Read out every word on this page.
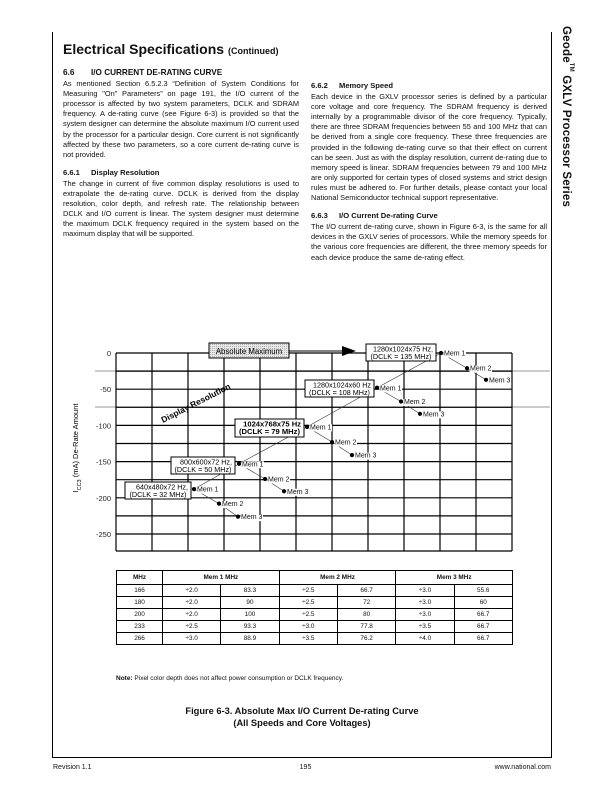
Electrical Specifications (Continued)	Geode™ GXLV Processor Series
6.6 I/O CURRENT DE-RATING CURVE

As mentioned Section 6.5.2.3 “Definition of System Conditions for Measuring "On" Parameters” on page 191, the I/O current of the processor is affected by two system parameters, DCLK and SDRAM frequency. A de-rating curve (see Figure 6-3) is provided so that the system designer can determine the absolute maximum I/O current used by the processor for a particular design. Core current is not significantly affected by these two parameters, so a core current de-rating curve is not provided.

6.6.1 Display Resolution

The change in current of five common display resolutions is used to extrapolate the de-rating curve. DCLK is derived from the display resolution, color depth, and refresh rate. The relationship between DCLK and I/O current is linear. The system designer must determine the maximum DCLK frequency required in the system based on the maximum display that will be supported.

6.6.2 Memory Speed

Each device in the GXLV processor series is defined by a particular core voltage and core frequency. The SDRAM frequency is derived internally by a programmable divisor of the core frequency. Typically, there are three SDRAM frequencies between 55 and 100 MHz that can be derived from a single core frequency. These three frequencies are provided in the following de-rating curve so that their effect on current can be seen. Just as with the display resolution, current de-rating due to memory speed is linear. SDRAM frequencies between 79 and 100 MHz are only supported for certain types of closed systems and strict design rules must be adhered to. For further details, please contact your local National Semiconductor technical support representative.

6.6.3 I/O Current De-rating Curve

The I/O current de-rating curve, shown in Figure 6-3, is the same for all devices in the GXLV series of processors. While the memory speeds for the various core frequencies are different, the three memory speeds for each device produce the same de-rating effect.

0
-50
-100
-150
-200
-250
$I_{CC3}$ (mA) De-Rate Amount
Mem 1
Mem 2
Mem 3
Mem 1
Mem 2
Mem 3
Mem 1
Mem 2
Mem 3
Mem 1
Mem 2
Mem 3
Mem 1
Mem 2
Mem 3
640x480x72 Hz,
(DCLK = 32 MHz)
800x600x72 Hz,
(DCLK = 50 MHz)
1024x768x75 Hz
(DCLK = 79 MHz)
1280x1024x60 Hz
(DCLK = 108 MHz)
1280x1024x75 Hz,
(DCLK = 135 MHz)
Absolute Maximum
Display Resolution
MHz	Mem 1 MHz		Mem 2 MHz		Mem 3 MHz	
166	÷2.0	83.3	÷2.5	66.7	÷3.0	55.6
180	÷2.0	90	÷2.5	72	÷3.0	60
200	÷2.0	100	÷2.5	80	÷3.0	66.7
233	÷2.5	93.3	÷3.0	77.8	÷3.5	66.7
266	÷3.0	88.9	÷3.5	76.2	÷4.0	66.7
Note: Pixel color depth does not affect power consumption or DCLK frequency.
Figure 6-3. Absolute Max I/O Current De-rating Curve
(All Speeds and Core Voltages)
Revision 1.1	195	www.national.com
